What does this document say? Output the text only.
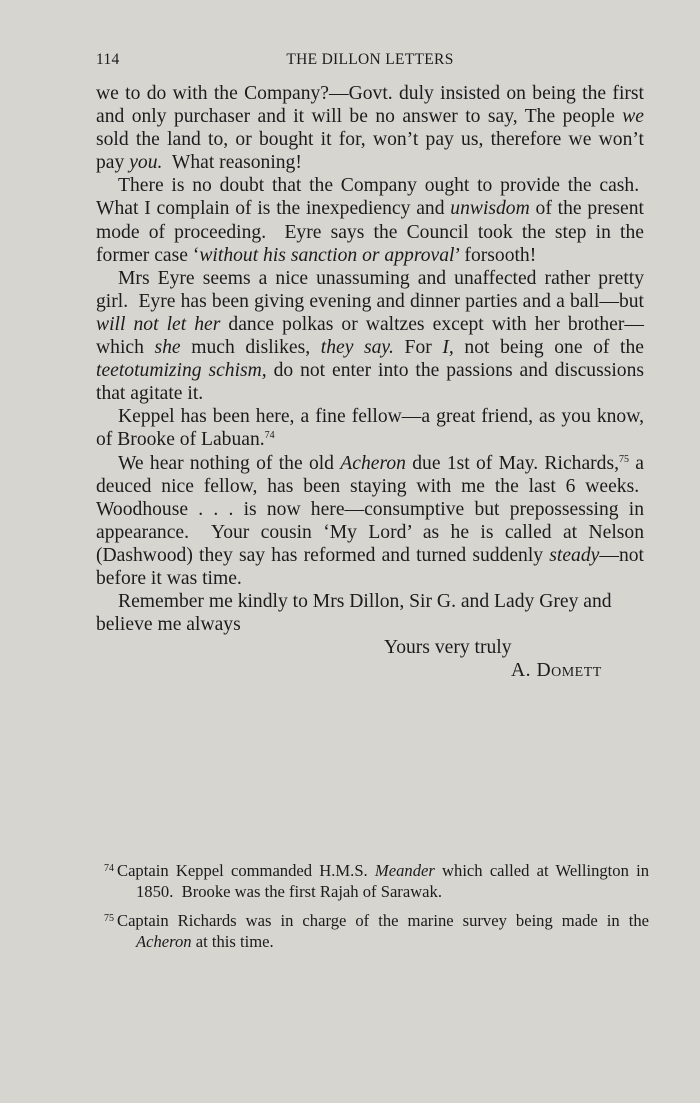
114	THE DILLON LETTERS

we to do with the Company?—Govt. duly insisted on being the first and only purchaser and it will be no answer to say, The people we sold the land to, or bought it for, won’t pay us, therefore we won’t pay you.  What reasoning!

There is no doubt that the Company ought to provide the cash.  What I complain of is the inexpediency and unwisdom of the present mode of proceeding.  Eyre says the Council took the step in the former case ‘without his sanction or approval’ forsooth!

Mrs Eyre seems a nice unassuming and unaffected rather pretty girl.  Eyre has been giving evening and dinner parties and a ball—but will not let her dance polkas or waltzes except with her brother—which she much dislikes, they say. For I, not being one of the teetotumizing schism, do not enter into the passions and discussions that agitate it.

Keppel has been here, a fine fellow—a great friend, as you know, of Brooke of Labuan.$^{74}$

We hear nothing of the old Acheron due 1st of May. Richards,$^{75}$ a deuced nice fellow, has been staying with me the last 6 weeks.  Woodhouse . . . is now here—consumptive but prepossessing in appearance.  Your cousin ‘My Lord’ as he is called at Nelson (Dashwood) they say has reformed and turned suddenly steady—not before it was time.

Remember me kindly to Mrs Dillon, Sir G. and Lady Grey and believe me always

Yours very truly
A. Domett

$^{74}$ Captain Keppel commanded H.M.S. Meander which called at Wellington in 1850.  Brooke was the first Rajah of Sarawak.

$^{75}$ Captain Richards was in charge of the marine survey being made in the Acheron at this time.
